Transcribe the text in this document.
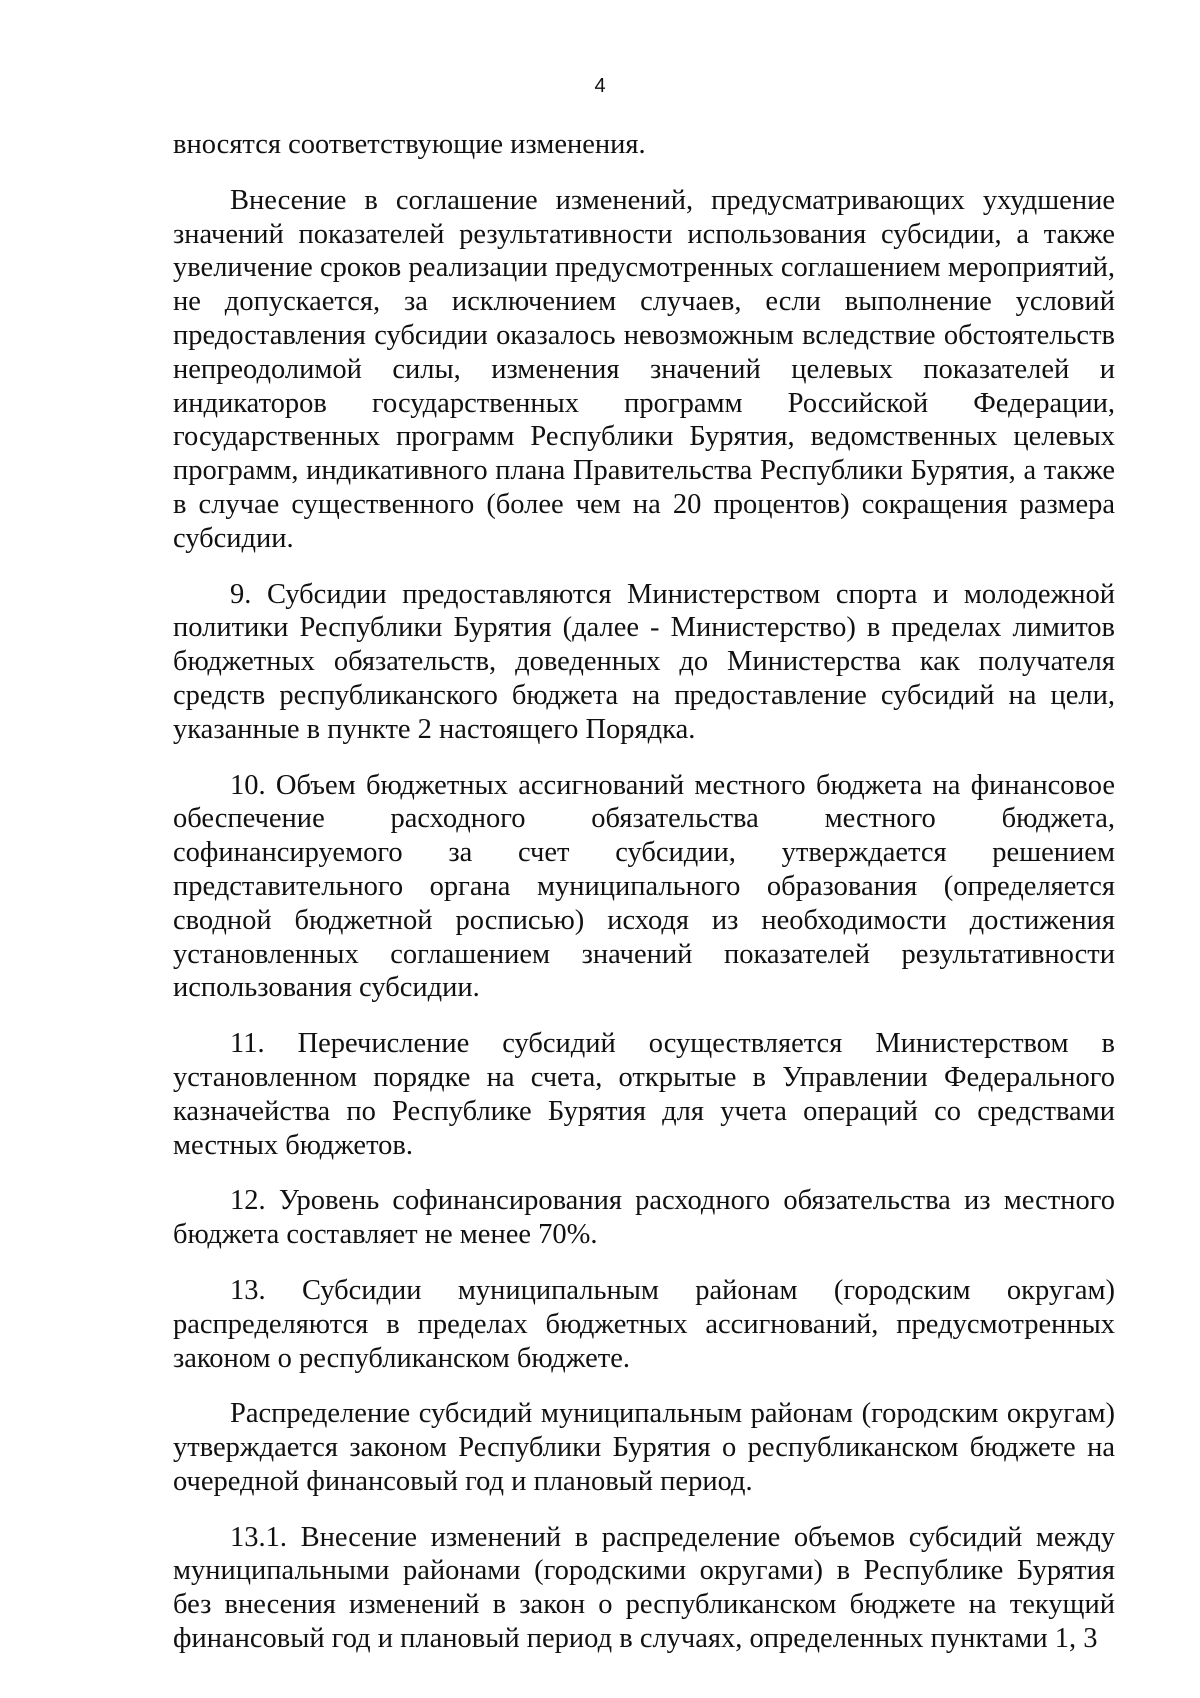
4

вносятся соответствующие изменения.

Внесение в соглашение изменений, предусматривающих ухудшение значений показателей результативности использования субсидии, а также увеличение сроков реализации предусмотренных соглашением мероприятий, не допускается, за исключением случаев, если выполнение условий предоставления субсидии оказалось невозможным вследствие обстоятельств непреодолимой силы, изменения значений целевых показателей и индикаторов государственных программ Российской Федерации, государственных программ Республики Бурятия, ведомственных целевых программ, индикативного плана Правительства Республики Бурятия, а также в случае существенного (более чем на 20 процентов) сокращения размера субсидии.

9. Субсидии предоставляются Министерством спорта и молодежной политики Республики Бурятия (далее - Министерство) в пределах лимитов бюджетных обязательств, доведенных до Министерства как получателя средств республиканского бюджета на предоставление субсидий на цели, указанные в пункте 2 настоящего Порядка.

10. Объем бюджетных ассигнований местного бюджета на финансовое обеспечение расходного обязательства местного бюджета, софинансируемого за счет субсидии, утверждается решением представительного органа муниципального образования (определяется сводной бюджетной росписью) исходя из необходимости достижения установленных соглашением значений показателей результативности использования субсидии.

11. Перечисление субсидий осуществляется Министерством в установленном порядке на счета, открытые в Управлении Федерального казначейства по Республике Бурятия для учета операций со средствами местных бюджетов.

12. Уровень софинансирования расходного обязательства из местного бюджета составляет не менее 70%.

13. Субсидии муниципальным районам (городским округам) распределяются в пределах бюджетных ассигнований, предусмотренных законом о республиканском бюджете.

Распределение субсидий муниципальным районам (городским округам) утверждается законом Республики Бурятия о республиканском бюджете на очередной финансовый год и плановый период.

13.1. Внесение изменений в распределение объемов субсидий между муниципальными районами (городскими округами) в Республике Бурятия без внесения изменений в закон о республиканском бюджете на текущий финансовый год и плановый период в случаях, определенных пунктами 1, 3
